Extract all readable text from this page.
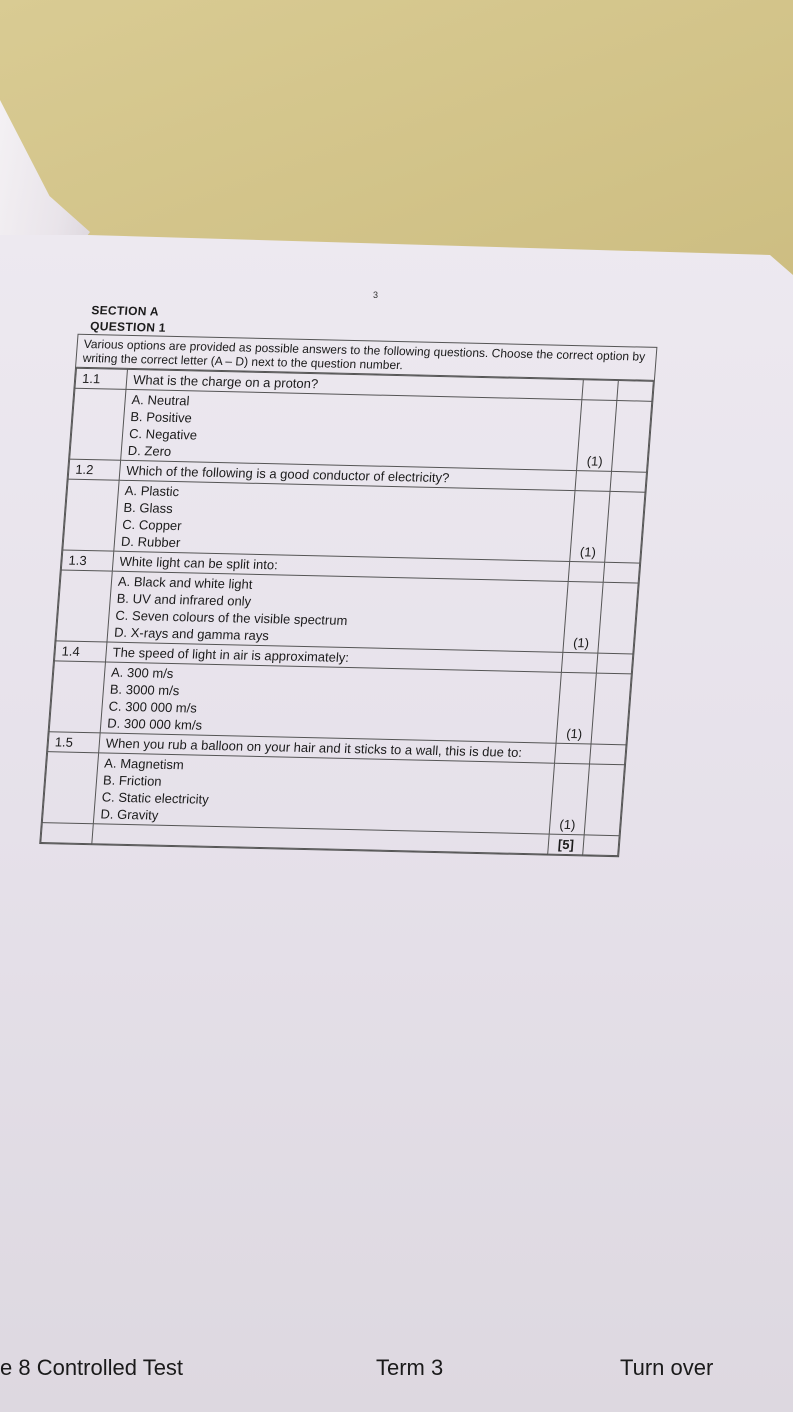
3
SECTION A
QUESTION 1
Various options are provided as possible answers to the following questions. Choose the correct option by writing the correct letter (A – D) next to the question number.
1.1	What is the charge on a proton?		

	A. Neutral
B. Positive
C. Negative
D. Zero	(1)	
1.2	Which of the following is a good conductor of electricity?		

	A. Plastic
B. Glass
C. Copper
D. Rubber	(1)	
1.3	White light can be split into:		

	A. Black and white light
B. UV and infrared only
C. Seven colours of the visible spectrum
D. X-rays and gamma rays	(1)	
1.4	The speed of light in air is approximately:		

	A. 300 m/s
B. 3000 m/s
C. 300 000 m/s
D. 300 000 km/s	(1)	
1.5	When you rub a balloon on your hair and it sticks to a wall, this is due to:		

	A. Magnetism
B. Friction
C. Static electricity
D. Gravity	(1)	
		[5]	
e 8 Controlled Test	Term 3	Turn over
